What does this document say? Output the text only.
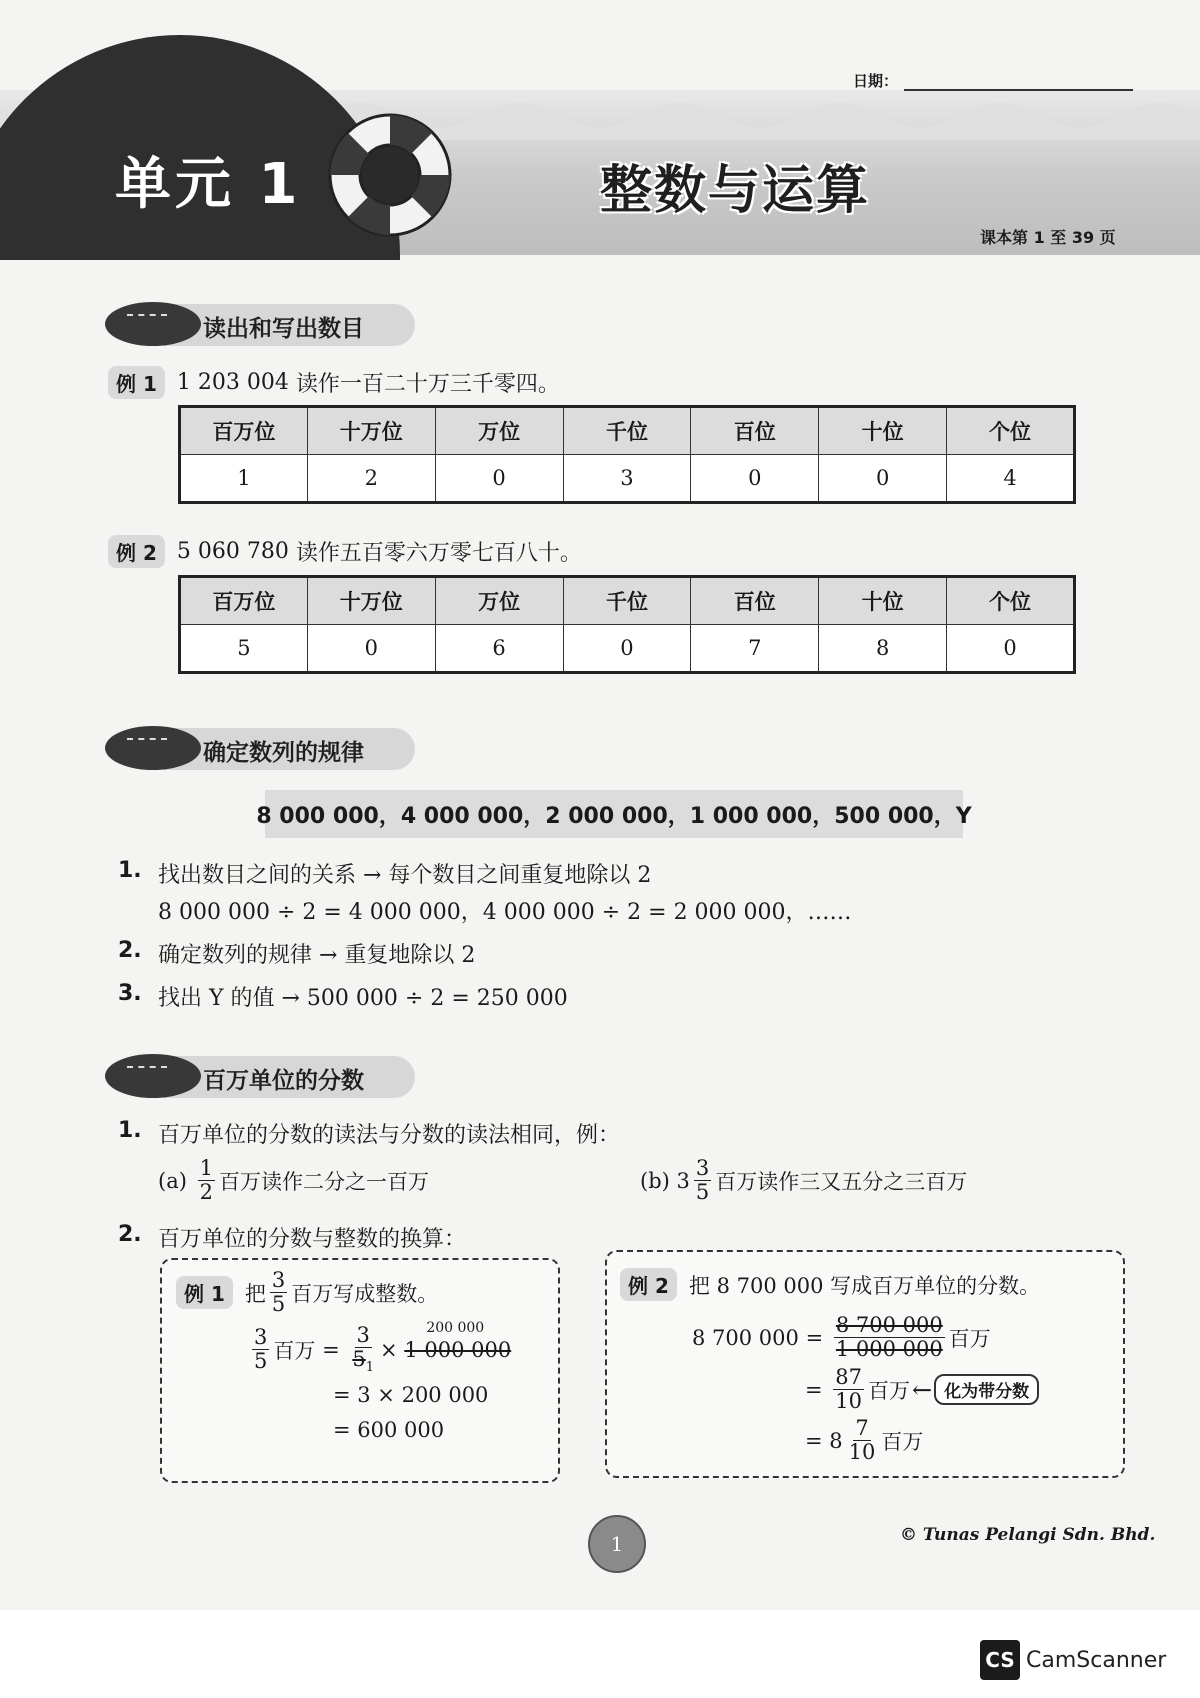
单元 1	整数与运算
日期：
课本第 1 至 39 页
读出和写出数目
例 1 1 203 004
读作一百二十万三千零四。
百万位	十万位	万位	千位	百位	十位	个位
1	2	0	3	0	0	4
例 2 5 060 780
读作五百零六万零七百八十。
百万位	十万位	万位	千位	百位	十位	个位
5	0	6	0	7	8	0
确定数列的规律
8 000 000，4 000 000，2 000 000，1 000 000，500 000，Y
1. 找出数目之间的关系 → 每个数目之间重复地除以 2
8 000 000 ÷ 2 = 4 000 000，4 000 000 ÷ 2 = 2 000 000，……
2. 确定数列的规律 → 重复地除以 2
3. 找出 Y 的值 → 500 000 ÷ 2 = 250 000
百万单位的分数
1. 百万单位的分数的读法与分数的读法相同，例：
(a)
$\frac{1}{2}$ 百万读作二分之一百万	(b)
$3 \frac{3}{5}$ 百万读作三又五分之三百万
2. 百万单位的分数与整数的换算：
例 1 把 $\frac{3}{5}$ 百万写成整数。
$\frac{3}{5}$ 百万
=
$\frac{3}{5_1}$ ×

200 000
1 000 000
= 3 × 200 000
= 600 000
例 2 把 8 700 000 写成百万单位的分数。
8 700 000
=
$\frac{8 700 000}{1 000 000}$ 百万
=
$\frac{87}{10}$ 百万 ← 化为带分数
=
$8 \frac{7}{10}$ 百万
1	© Tunas Pelangi Sdn. Bhd.
CS CamScanner
